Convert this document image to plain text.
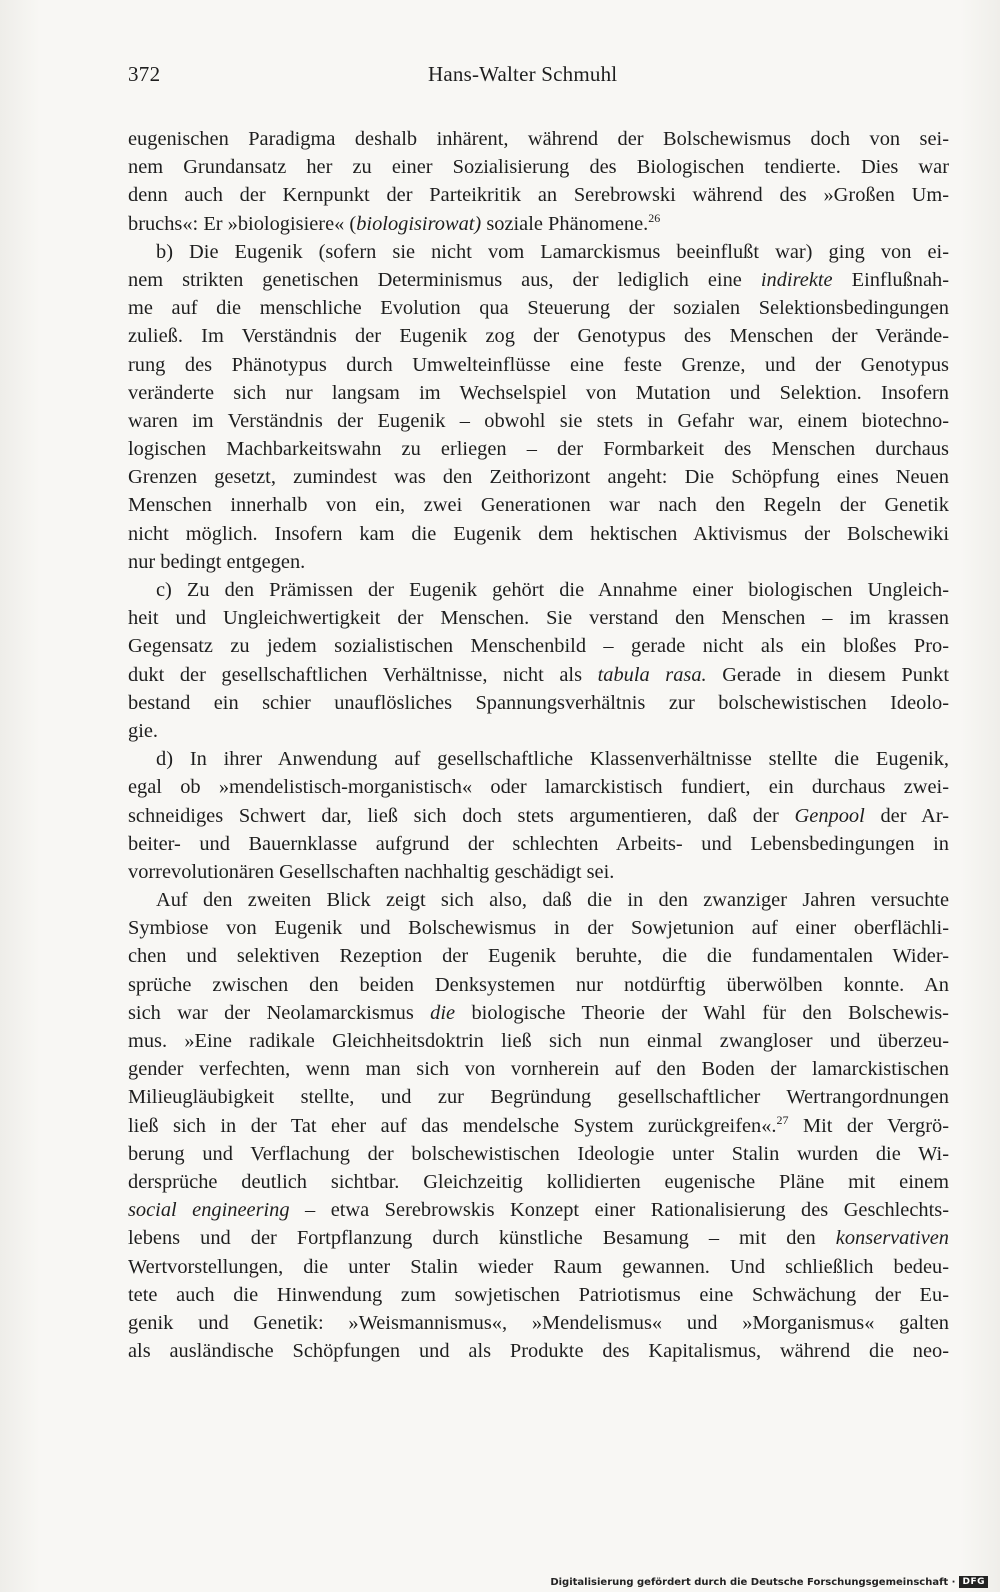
372	Hans-Walter Schmuhl
eugenischen Paradigma deshalb inhärent, während der Bolschewismus doch von sei-
nem Grundansatz her zu einer Sozialisierung des Biologischen tendierte. Dies war
denn auch der Kernpunkt der Parteikritik an Serebrowski während des »Großen Um-
bruchs«: Er »biologisiere« (biologisirowat) soziale Phänomene.$^{26}$
b) Die Eugenik (sofern sie nicht vom Lamarckismus beeinflußt war) ging von ei-
nem strikten genetischen Determinismus aus, der lediglich eine indirekte Einflußnah-
me auf die menschliche Evolution qua Steuerung der sozialen Selektionsbedingungen
zuließ. Im Verständnis der Eugenik zog der Genotypus des Menschen der Verände-
rung des Phänotypus durch Umwelteinflüsse eine feste Grenze, und der Genotypus
veränderte sich nur langsam im Wechselspiel von Mutation und Selektion. Insofern
waren im Verständnis der Eugenik – obwohl sie stets in Gefahr war, einem biotechno-
logischen Machbarkeitswahn zu erliegen – der Formbarkeit des Menschen durchaus
Grenzen gesetzt, zumindest was den Zeithorizont angeht: Die Schöpfung eines Neuen
Menschen innerhalb von ein, zwei Generationen war nach den Regeln der Genetik
nicht möglich. Insofern kam die Eugenik dem hektischen Aktivismus der Bolschewiki
nur bedingt entgegen.
c) Zu den Prämissen der Eugenik gehört die Annahme einer biologischen Ungleich-
heit und Ungleichwertigkeit der Menschen. Sie verstand den Menschen – im krassen
Gegensatz zu jedem sozialistischen Menschenbild – gerade nicht als ein bloßes Pro-
dukt der gesellschaftlichen Verhältnisse, nicht als tabula rasa. Gerade in diesem Punkt
bestand ein schier unauflösliches Spannungsverhältnis zur bolschewistischen Ideolo-
gie.
d) In ihrer Anwendung auf gesellschaftliche Klassenverhältnisse stellte die Eugenik,
egal ob »mendelistisch-morganistisch« oder lamarckistisch fundiert, ein durchaus zwei-
schneidiges Schwert dar, ließ sich doch stets argumentieren, daß der Genpool der Ar-
beiter- und Bauernklasse aufgrund der schlechten Arbeits- und Lebensbedingungen in
vorrevolutionären Gesellschaften nachhaltig geschädigt sei.
Auf den zweiten Blick zeigt sich also, daß die in den zwanziger Jahren versuchte
Symbiose von Eugenik und Bolschewismus in der Sowjetunion auf einer oberflächli-
chen und selektiven Rezeption der Eugenik beruhte, die die fundamentalen Wider-
sprüche zwischen den beiden Denksystemen nur notdürftig überwölben konnte. An
sich war der Neolamarckismus die biologische Theorie der Wahl für den Bolschewis-
mus. »Eine radikale Gleichheitsdoktrin ließ sich nun einmal zwangloser und überzeu-
gender verfechten, wenn man sich von vornherein auf den Boden der lamarckistischen
Milieugläubigkeit stellte, und zur Begründung gesellschaftlicher Wertrangordnungen
ließ sich in der Tat eher auf das mendelsche System zurückgreifen«.$^{27}$ Mit der Vergrö-
berung und Verflachung der bolschewistischen Ideologie unter Stalin wurden die Wi-
dersprüche deutlich sichtbar. Gleichzeitig kollidierten eugenische Pläne mit einem
social engineering – etwa Serebrowskis Konzept einer Rationalisierung des Geschlechts-
lebens und der Fortpflanzung durch künstliche Besamung – mit den konservativen
Wertvorstellungen, die unter Stalin wieder Raum gewannen. Und schließlich bedeu-
tete auch die Hinwendung zum sowjetischen Patriotismus eine Schwächung der Eu-
genik und Genetik: »Weismannismus«, »Mendelismus« und »Morganismus« galten
als ausländische Schöpfungen und als Produkte des Kapitalismus, während die neo-
Digitalisierung gefördert durch die Deutsche Forschungsgemeinschaft · DFG
